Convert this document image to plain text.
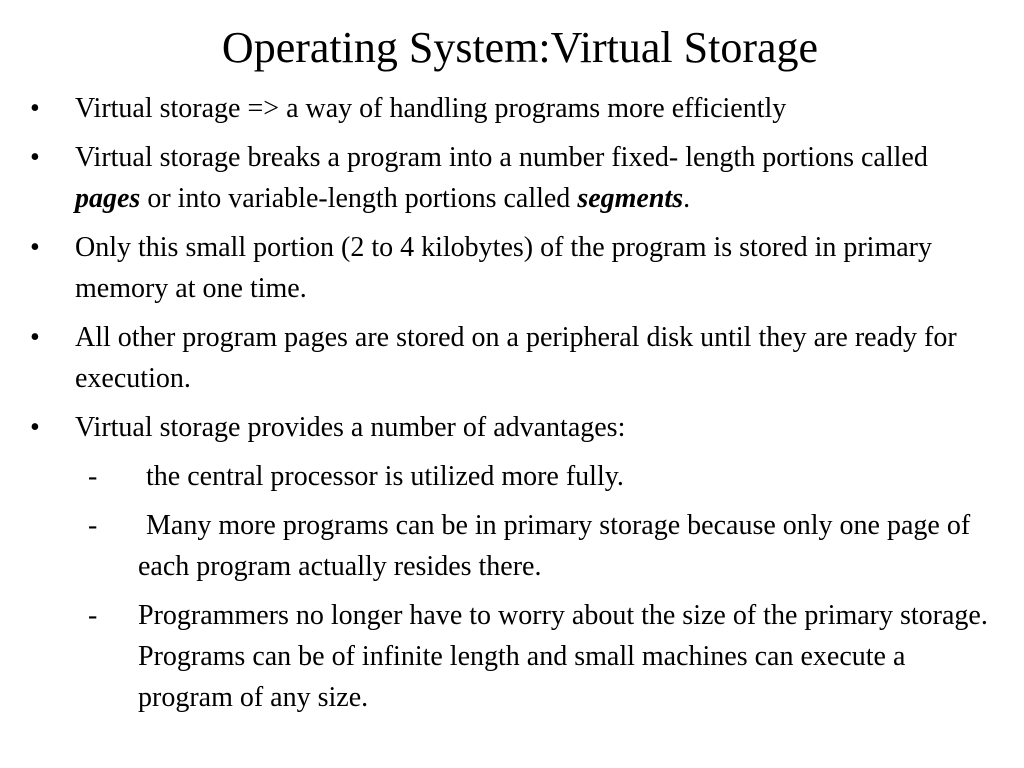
Operating System:Virtual Storage
• Virtual storage => a way of handling programs more efficiently
• Virtual storage breaks a program into a number fixed- length portions called pages or into variable-length portions called segments.
• Only this small portion (2 to 4 kilobytes) of the program is stored in primary memory at one time.
• All other program pages are stored on a peripheral disk until they are ready for execution.
• Virtual storage provides a number of advantages:
- the central processor is utilized more fully.
- Many more programs can be in primary storage because only one page of each program actually resides there.
- Programmers no longer have to worry about the size of the primary storage. Programs can be of infinite length and small machines can execute a program of any size.
